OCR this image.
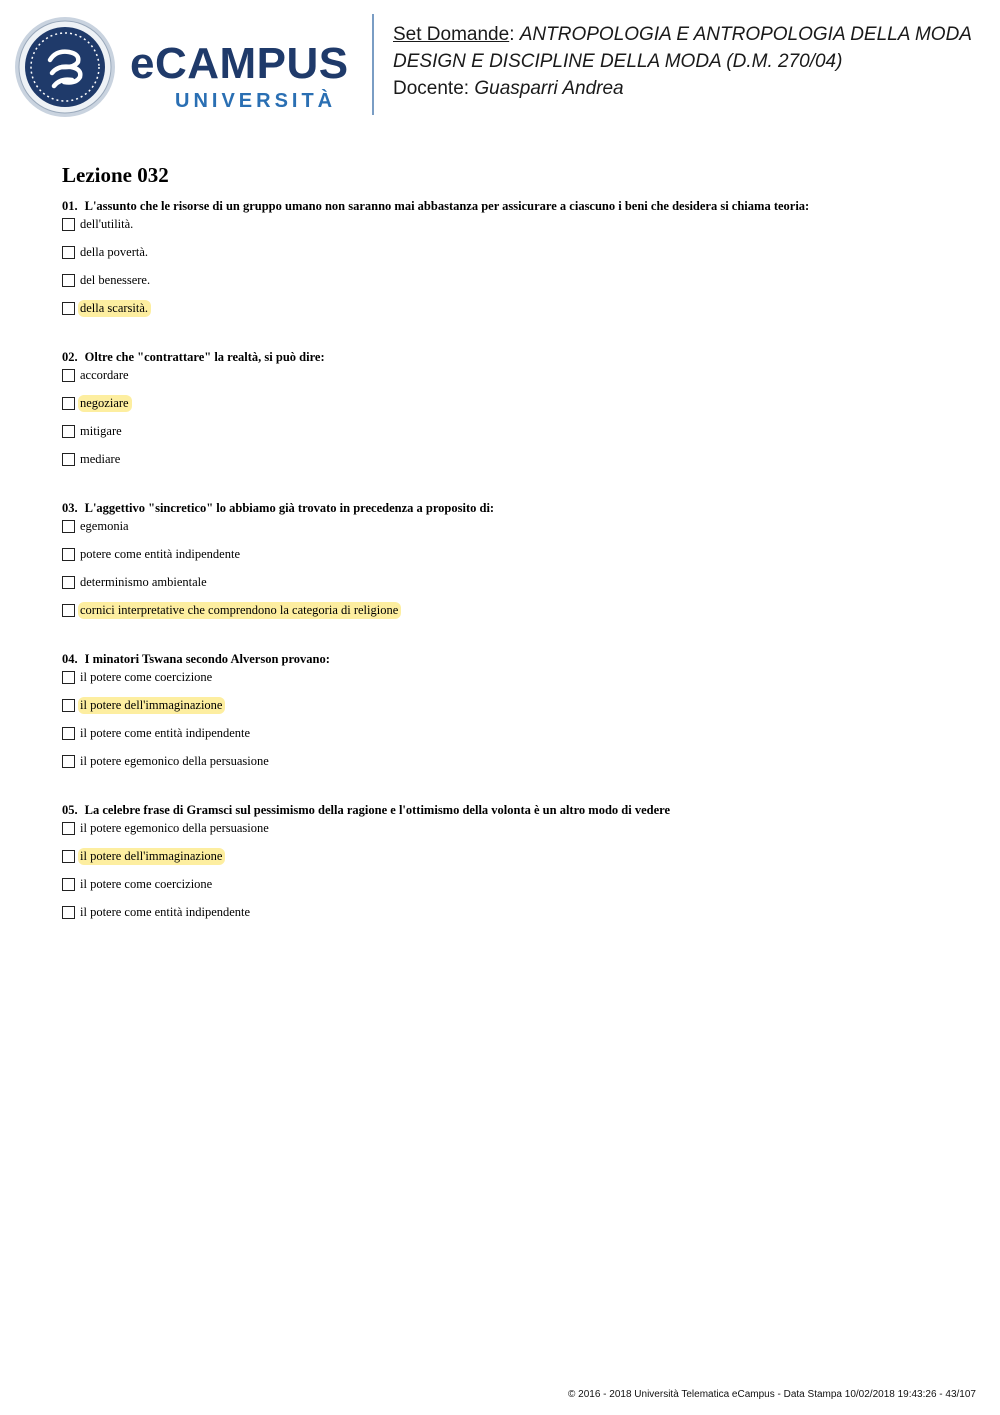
eCAMPUS
UNIVERSITÀ
Set Domande: ANTROPOLOGIA E ANTROPOLOGIA DELLA MODA
DESIGN E DISCIPLINE DELLA MODA (D.M. 270/04)
Docente: Guasparri Andrea
Lezione 032
01. L'assunto che le risorse di un gruppo umano non saranno mai abbastanza per assicurare a ciascuno i beni che desidera si chiama teoria:
dell'utilità.
della povertà.
del benessere.
della scarsità.
02. Oltre che "contrattare" la realtà, si può dire:
accordare
negoziare
mitigare
mediare
03. L'aggettivo "sincretico" lo abbiamo già trovato in precedenza a proposito di:
egemonia
potere come entità indipendente
determinismo ambientale
cornici interpretative che comprendono la categoria di religione
04. I minatori Tswana secondo Alverson provano:
il potere come coercizione
il potere dell'immaginazione
il potere come entità indipendente
il potere egemonico della persuasione
05. La celebre frase di Gramsci sul pessimismo della ragione e l'ottimismo della volonta è un altro modo di vedere
il potere egemonico della persuasione
il potere dell'immaginazione
il potere come coercizione
il potere come entità indipendente
© 2016 - 2018 Università Telematica eCampus - Data Stampa 10/02/2018 19:43:26 - 43/107
